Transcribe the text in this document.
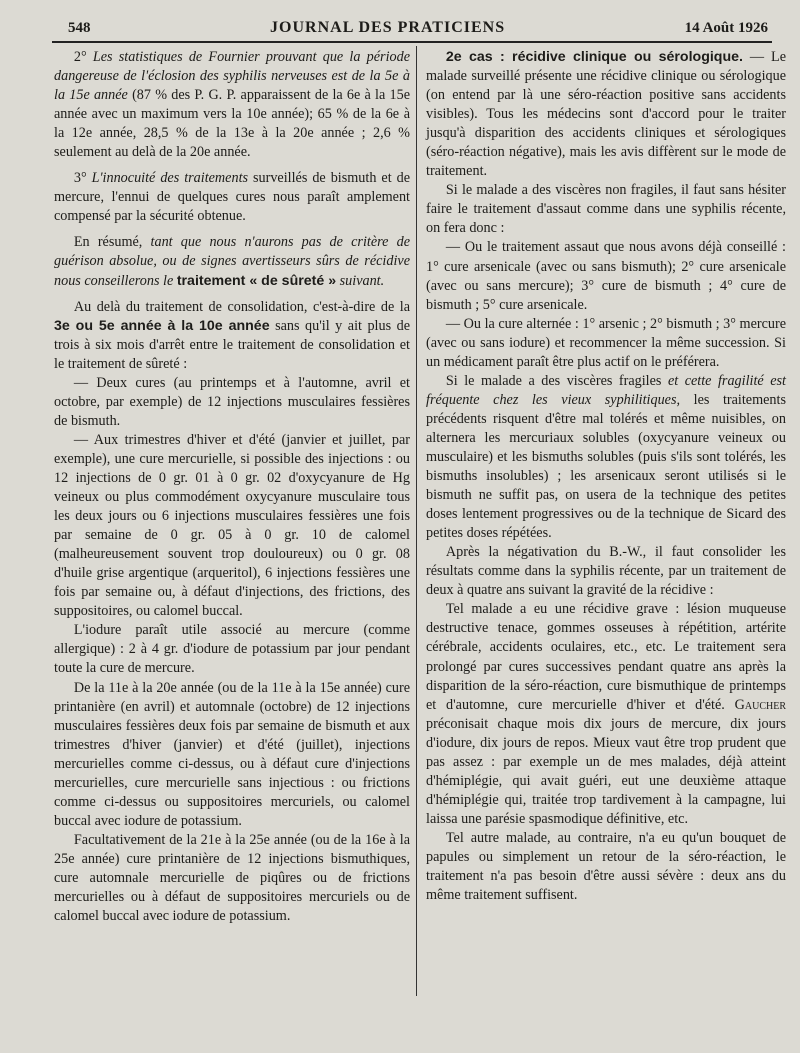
548	JOURNAL DES PRATICIENS	14 Août 1926

2° Les statistiques de Fournier prouvant que la période dangereuse de l'éclosion des syphilis nerveuses est de la 5e à la 15e année (87 % des P. G. P. apparaissent de la 6e à la 15e année avec un maximum vers la 10e année); 65 % de la 6e à la 12e année, 28,5 % de la 13e à la 20e année ; 2,6 % seulement au delà de la 20e année.

3° L'innocuité des traitements surveillés de bismuth et de mercure, l'ennui de quelques cures nous paraît amplement compensé par la sécurité obtenue.

En résumé, tant que nous n'aurons pas de critère de guérison absolue, ou de signes avertisseurs sûrs de récidive nous conseillerons le traitement « de sûreté » suivant.

Au delà du traitement de consolidation, c'est-à-dire de la 3e ou 5e année à la 10e année sans qu'il y ait plus de trois à six mois d'arrêt entre le traitement de consolidation et le traitement de sûreté :

— Deux cures (au printemps et à l'automne, avril et octobre, par exemple) de 12 injections musculaires fessières de bismuth.

— Aux trimestres d'hiver et d'été (janvier et juillet, par exemple), une cure mercurielle, si possible des injections : ou 12 injections de 0 gr. 01 à 0 gr. 02 d'oxycyanure de Hg veineux ou plus commodément oxycyanure musculaire tous les deux jours ou 6 injections musculaires fessières une fois par semaine de 0 gr. 05 à 0 gr. 10 de calomel (malheureusement souvent trop douloureux) ou 0 gr. 08 d'huile grise argentique (arqueritol), 6 injections fessières une fois par semaine ou, à défaut d'injections, des frictions, des suppositoires, ou calomel buccal.

L'iodure paraît utile associé au mercure (comme allergique) : 2 à 4 gr. d'iodure de potassium par jour pendant toute la cure de mercure.

De la 11e à la 20e année (ou de la 11e à la 15e année) cure printanière (en avril) et automnale (octobre) de 12 injections musculaires fessières deux fois par semaine de bismuth et aux trimestres d'hiver (janvier) et d'été (juillet), injections mercurielles comme ci-dessus, ou à défaut cure d'injections mercurielles, cure mercurielle sans injectious : ou frictions comme ci-dessus ou suppositoires mercuriels, ou calomel buccal avec iodure de potassium.

Facultativement de la 21e à la 25e année (ou de la 16e à la 25e année) cure printanière de 12 injections bismuthiques, cure automnale mercurielle de piqûres ou de frictions mercurielles ou à défaut de suppositoires mercuriels ou de calomel buccal avec iodure de potassium.

2e cas : récidive clinique ou sérologique. — Le malade surveillé présente une récidive clinique ou sérologique (on entend par là une séro-réaction positive sans accidents visibles). Tous les médecins sont d'accord pour le traiter jusqu'à disparition des accidents cliniques et sérologiques (séro-réaction négative), mais les avis diffèrent sur le mode de traitement.

Si le malade a des viscères non fragiles, il faut sans hésiter faire le traitement d'assaut comme dans une syphilis récente, on fera donc :

— Ou le traitement assaut que nous avons déjà conseillé : 1° cure arsenicale (avec ou sans bismuth); 2° cure arsenicale (avec ou sans mercure); 3° cure de bismuth ; 4° cure de bismuth ; 5° cure arsenicale.

— Ou la cure alternée : 1° arsenic ; 2° bismuth ; 3° mercure (avec ou sans iodure) et recommencer la même succession. Si un médicament paraît être plus actif on le préférera.

Si le malade a des viscères fragiles et cette fragilité est fréquente chez les vieux syphilitiques, les traitements précédents risquent d'être mal tolérés et même nuisibles, on alternera les mercuriaux solubles (oxycyanure veineux ou musculaire) et les bismuths solubles (puis s'ils sont tolérés, les bismuths insolubles) ; les arsenicaux seront utilisés si le bismuth ne suffit pas, on usera de la technique des petites doses lentement progressives ou de la technique de Sicard des petites doses répétées.

Après la négativation du B.-W., il faut consolider les résultats comme dans la syphilis récente, par un traitement de deux à quatre ans suivant la gravité de la récidive :

Tel malade a eu une récidive grave : lésion muqueuse destructive tenace, gommes osseuses à répétition, artérite cérébrale, accidents oculaires, etc., etc. Le traitement sera prolongé par cures successives pendant quatre ans après la disparition de la séro-réaction, cure bismuthique de printemps et d'automne, cure mercurielle d'hiver et d'été. Gaucher préconisait chaque mois dix jours de mercure, dix jours d'iodure, dix jours de repos. Mieux vaut être trop prudent que pas assez : par exemple un de mes malades, déjà atteint d'hémiplégie, qui avait guéri, eut une deuxième attaque d'hémiplégie qui, traitée trop tardivement à la campagne, lui laissa une parésie spasmodique définitive, etc.

Tel autre malade, au contraire, n'a eu qu'un bouquet de papules ou simplement un retour de la séro-réaction, le traitement n'a pas besoin d'être aussi sévère : deux ans du même traitement suffisent.
